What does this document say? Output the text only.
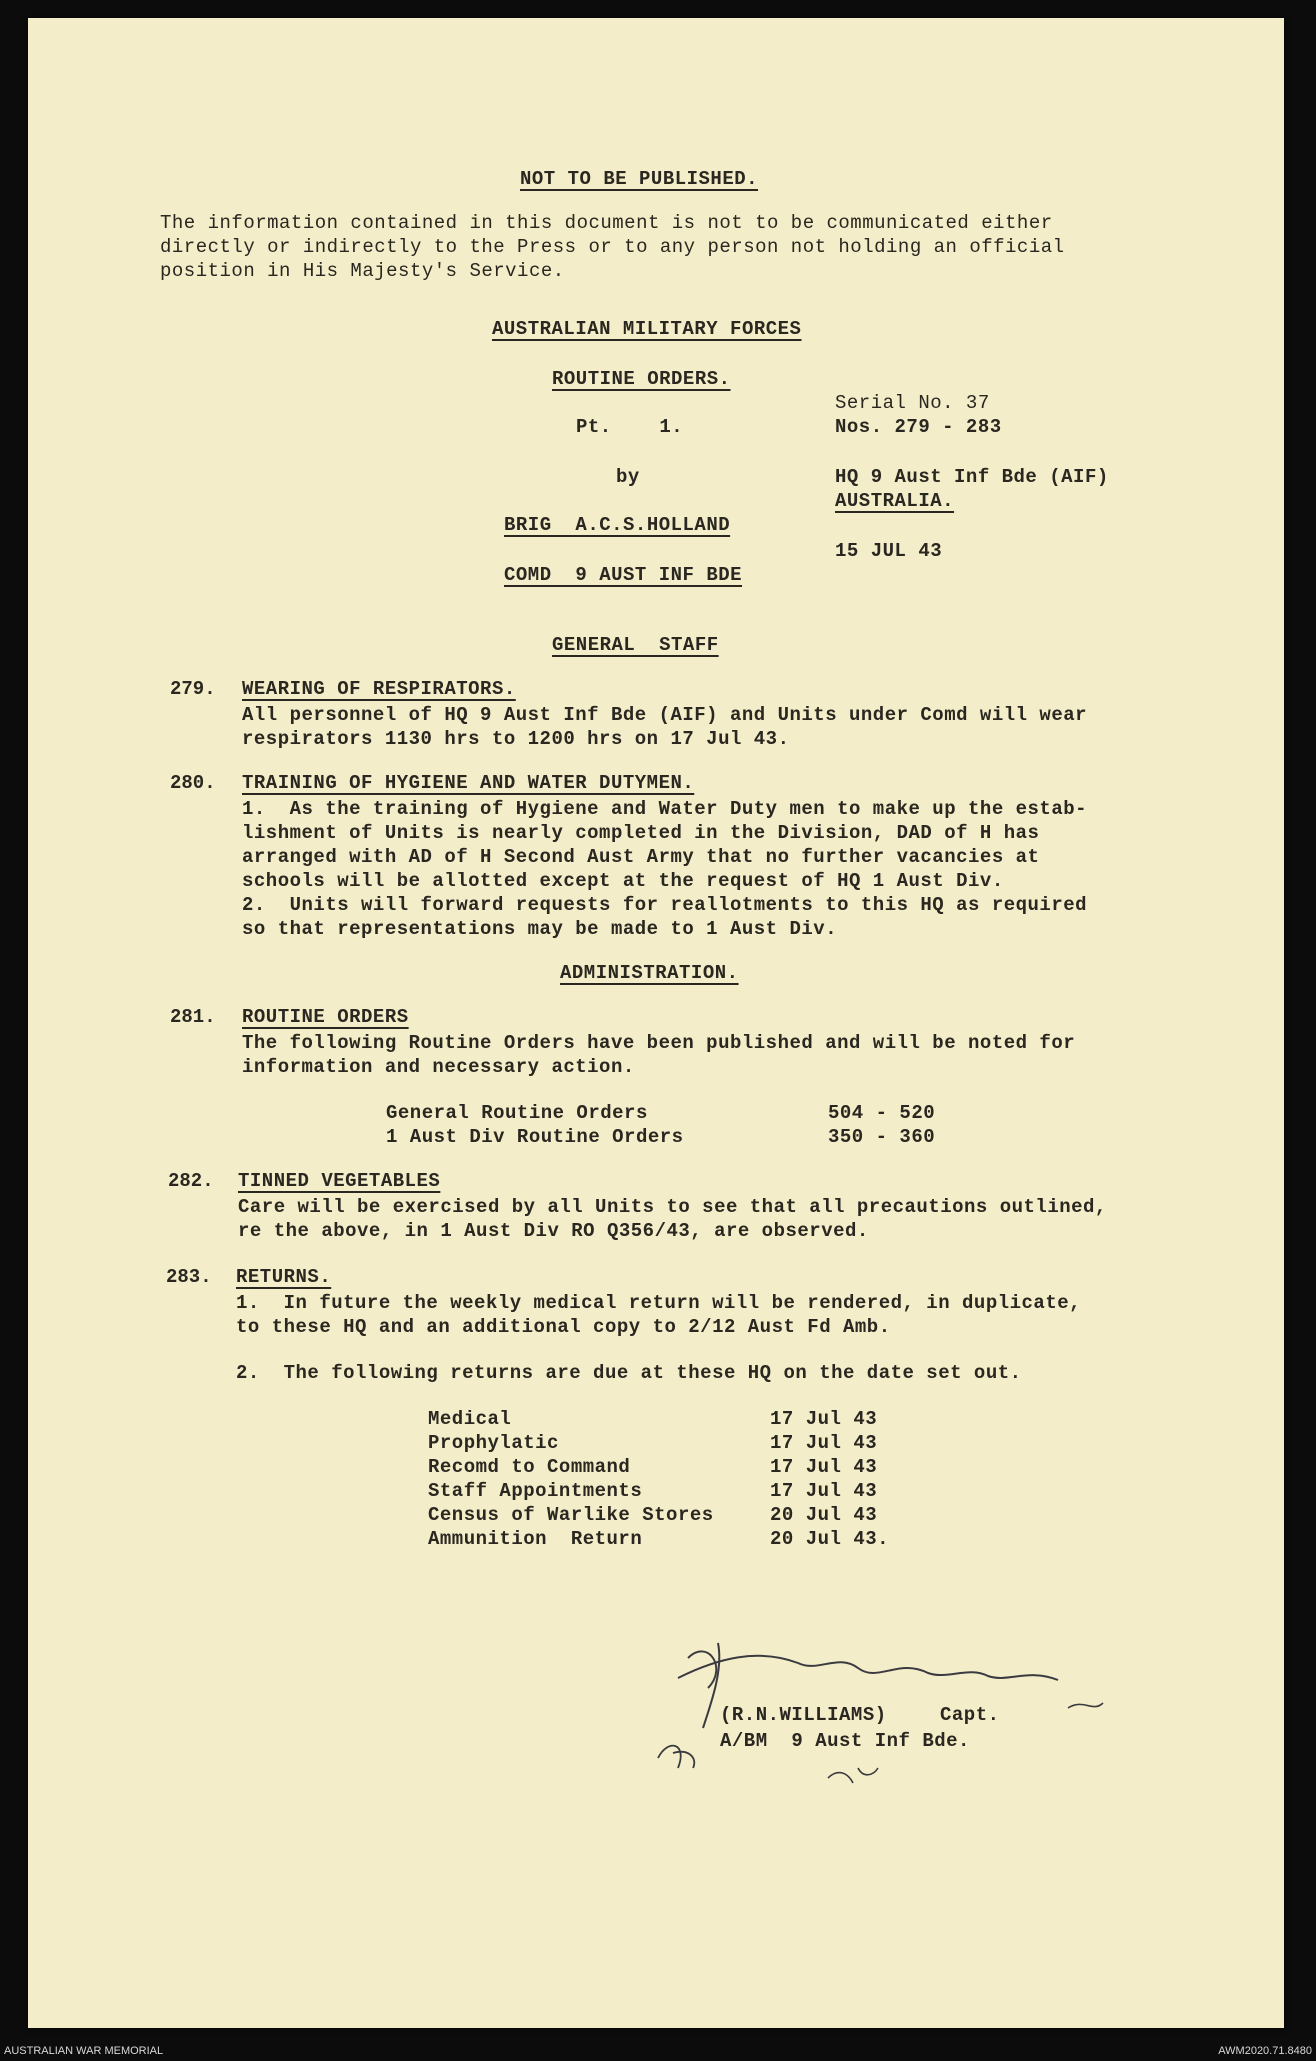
NOT TO BE PUBLISHED.
The information contained in this document is not to be communicated either
directly or indirectly to the Press or to any person not holding an official
position in His Majesty's Service.
AUSTRALIAN MILITARY FORCES
ROUTINE ORDERS.
Pt.    1.
by
BRIG  A.C.S.HOLLAND
COMD  9 AUST INF BDE
Serial No. 37
Nos. 279 - 283
HQ 9 Aust Inf Bde (AIF)
AUSTRALIA.
15 JUL 43
GENERAL  STAFF
279. WEARING OF RESPIRATORS.
All personnel of HQ 9 Aust Inf Bde (AIF) and Units under Comd will wear
respirators 1130 hrs to 1200 hrs on 17 Jul 43.
280. TRAINING OF HYGIENE AND WATER DUTYMEN.
1.  As the training of Hygiene and Water Duty men to make up the estab-
lishment of Units is nearly completed in the Division, DAD of H has
arranged with AD of H Second Aust Army that no further vacancies at
schools will be allotted except at the request of HQ 1 Aust Div.
2.  Units will forward requests for reallotments to this HQ as required
so that representations may be made to 1 Aust Div.
ADMINISTRATION.
281. ROUTINE ORDERS
The following Routine Orders have been published and will be noted for
information and necessary action.
General Routine Orders	504 - 520
1 Aust Div Routine Orders	350 - 360
282. TINNED VEGETABLES
Care will be exercised by all Units to see that all precautions outlined,
re the above, in 1 Aust Div RO Q356/43, are observed.
283. RETURNS.
1.  In future the weekly medical return will be rendered, in duplicate,
to these HQ and an additional copy to 2/12 Aust Fd Amb.
2.  The following returns are due at these HQ on the date set out.
Medical	17 Jul 43
Prophylatic	17 Jul 43
Recomd to Command	17 Jul 43
Staff Appointments	17 Jul 43
Census of Warlike Stores	20 Jul 43
Ammunition  Return	20 Jul 43.
(R.N.WILLIAMS)	Capt.
A/BM  9 Aust Inf Bde.
AUSTRALIAN WAR MEMORIAL	AWM2020.71.8480
